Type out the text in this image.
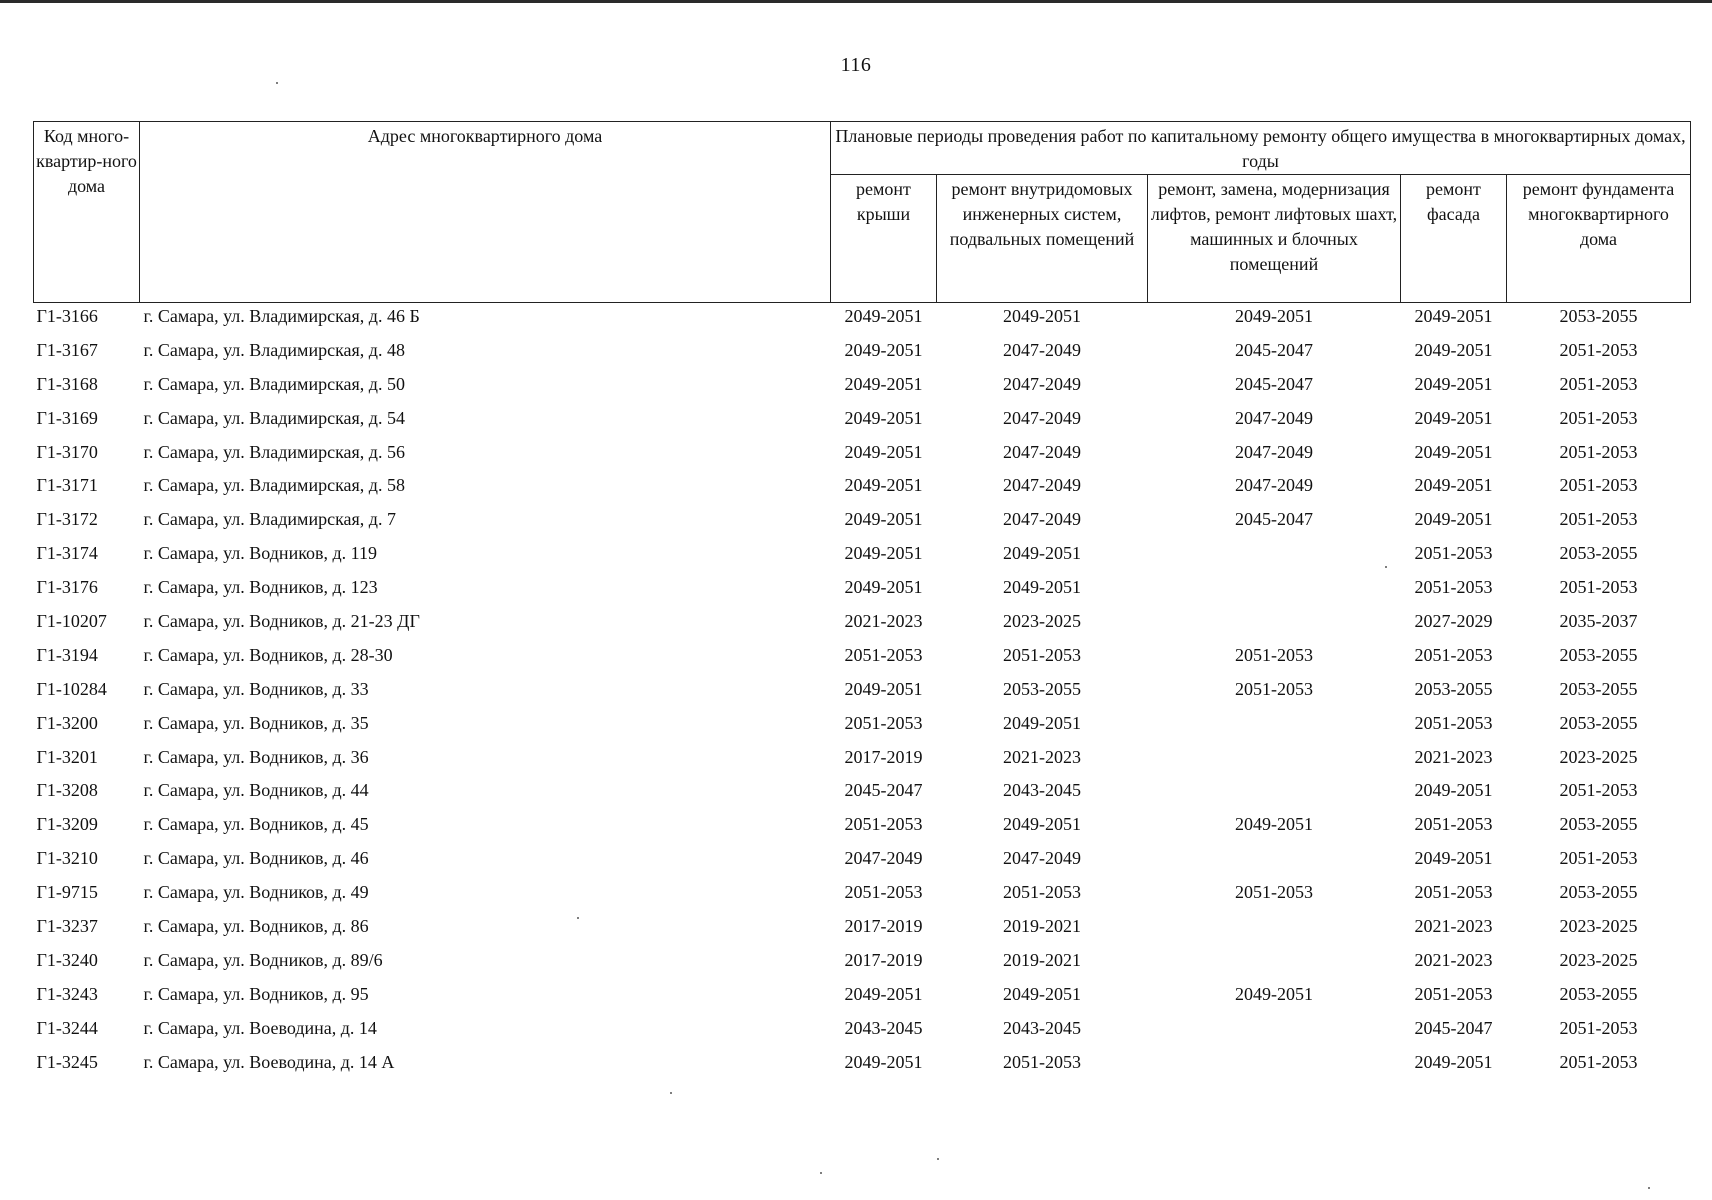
116
Код много-квартир-ного дома	Адрес многоквартирного дома	Плановые периоды проведения работ по капитальному ремонту общего имущества в многоквартирных домах, годы				
		ремонт крыши	ремонт внутридомовых инженерных систем, подвальных помещений	ремонт, замена, модернизация лифтов, ремонт лифтовых шахт, машинных и блочных помещений	ремонт фасада	ремонт фундамента многоквартирного дома
Г1-3166	г. Самара, ул. Владимирская, д. 46 Б	2049-2051	2049-2051	2049-2051	2049-2051	2053-2055
Г1-3167	г. Самара, ул. Владимирская, д. 48	2049-2051	2047-2049	2045-2047	2049-2051	2051-2053
Г1-3168	г. Самара, ул. Владимирская, д. 50	2049-2051	2047-2049	2045-2047	2049-2051	2051-2053
Г1-3169	г. Самара, ул. Владимирская, д. 54	2049-2051	2047-2049	2047-2049	2049-2051	2051-2053
Г1-3170	г. Самара, ул. Владимирская, д. 56	2049-2051	2047-2049	2047-2049	2049-2051	2051-2053
Г1-3171	г. Самара, ул. Владимирская, д. 58	2049-2051	2047-2049	2047-2049	2049-2051	2051-2053
Г1-3172	г. Самара, ул. Владимирская, д. 7	2049-2051	2047-2049	2045-2047	2049-2051	2051-2053
Г1-3174	г. Самара, ул. Водников, д. 119	2049-2051	2049-2051		2051-2053	2053-2055
Г1-3176	г. Самара, ул. Водников, д. 123	2049-2051	2049-2051		2051-2053	2051-2053
Г1-10207	г. Самара, ул. Водников, д. 21-23 ДГ	2021-2023	2023-2025		2027-2029	2035-2037
Г1-3194	г. Самара, ул. Водников, д. 28-30	2051-2053	2051-2053	2051-2053	2051-2053	2053-2055
Г1-10284	г. Самара, ул. Водников, д. 33	2049-2051	2053-2055	2051-2053	2053-2055	2053-2055
Г1-3200	г. Самара, ул. Водников, д. 35	2051-2053	2049-2051		2051-2053	2053-2055
Г1-3201	г. Самара, ул. Водников, д. 36	2017-2019	2021-2023		2021-2023	2023-2025
Г1-3208	г. Самара, ул. Водников, д. 44	2045-2047	2043-2045		2049-2051	2051-2053
Г1-3209	г. Самара, ул. Водников, д. 45	2051-2053	2049-2051	2049-2051	2051-2053	2053-2055
Г1-3210	г. Самара, ул. Водников, д. 46	2047-2049	2047-2049		2049-2051	2051-2053
Г1-9715	г. Самара, ул. Водников, д. 49	2051-2053	2051-2053	2051-2053	2051-2053	2053-2055
Г1-3237	г. Самара, ул. Водников, д. 86	2017-2019	2019-2021		2021-2023	2023-2025
Г1-3240	г. Самара, ул. Водников, д. 89/6	2017-2019	2019-2021		2021-2023	2023-2025
Г1-3243	г. Самара, ул. Водников, д. 95	2049-2051	2049-2051	2049-2051	2051-2053	2053-2055
Г1-3244	г. Самара, ул. Воеводина, д. 14	2043-2045	2043-2045		2045-2047	2051-2053
Г1-3245	г. Самара, ул. Воеводина, д. 14 А	2049-2051	2051-2053		2049-2051	2051-2053
